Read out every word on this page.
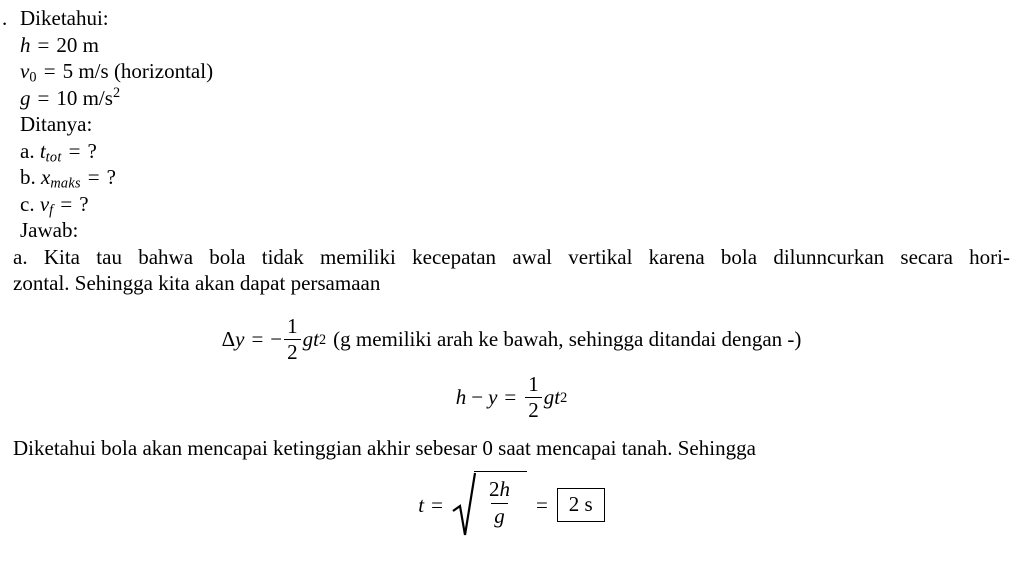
. Diketahui:
h = 20 m
$v_0 = 5$ m/s (horizontal)
g = 10 $m/s^2$
Ditanya:
a. $t_{tot}$ = ?
b. $x_{maks}$ = ?
c. $v_f$ = ?
Jawab:
a. Kita tau bahwa bola tidak memiliki kecepatan awal vertikal karena bola dilunncurkan secara hori-
zontal. Sehingga kita akan dapat persamaan
Δ y = − $\frac{1}{2}$ gt 2 (g memiliki arah ke bawah, sehingga ditandai dengan -)
$h - y = \frac{1}{2}$ gt 2
Diketahui bola akan mencapai ketinggian akhir sebesar 0 saat mencapai tanah. Sehingga
$t = \frac{2h}{g}$ =	2 s
